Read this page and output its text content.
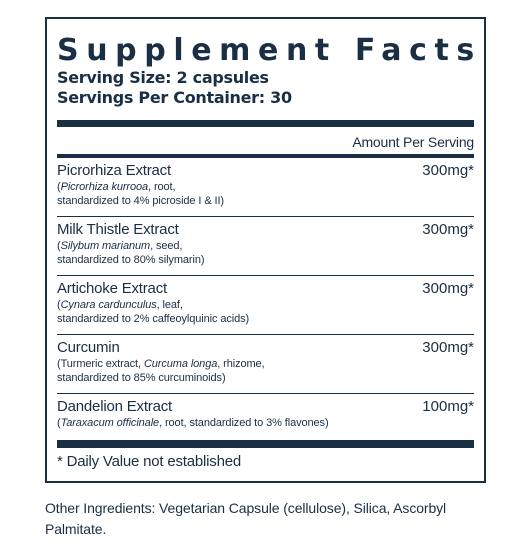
Supplement Facts
Serving Size: 2 capsules
Servings Per Container: 30
Amount Per Serving
Picrorhiza Extract
(Picrorhiza kurrooa, root,
standardized to 4% picroside I & II)
300mg*
Milk Thistle Extract
(Silybum marianum, seed,
standardized to 80% silymarin)
300mg*
Artichoke Extract
(Cynara cardunculus, leaf,
standardized to 2% caffeoylquinic acids)
300mg*
Curcumin
(Turmeric extract, Curcuma longa, rhizome,
standardized to 85% curcuminoids)
300mg*
Dandelion Extract
(Taraxacum officinale, root, standardized to 3% flavones)
100mg*
* Daily Value not established
Other Ingredients: Vegetarian Capsule (cellulose), Silica, Ascorbyl Palmitate.
